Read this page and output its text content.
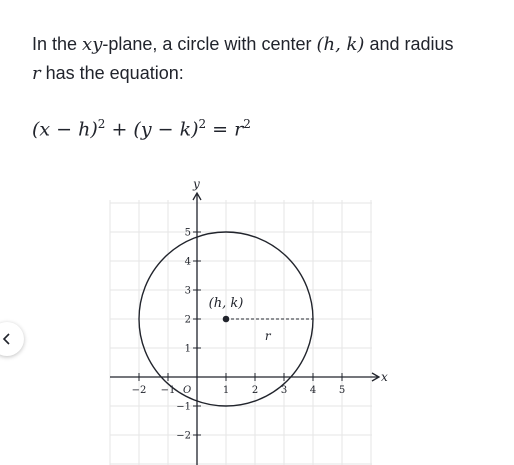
In the xy-plane, a circle with center (h, k) and radius
r has the equation:

$(x - h)^2 + (y - k)^2 = r^2$
x
y
−2 −1	1 2 3 4 5
−2
−1
1
2
3
4
5
O
(h, k)
r
